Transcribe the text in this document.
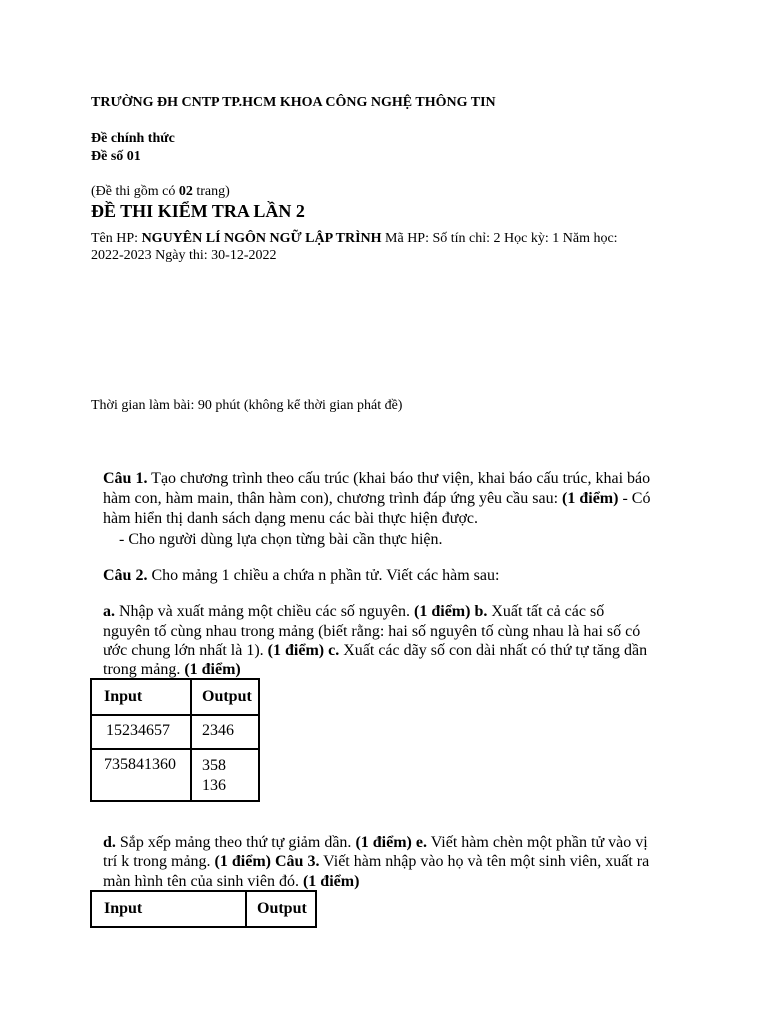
TRƯỜNG ĐH CNTP TP.HCM KHOA CÔNG NGHỆ THÔNG TIN

Đề chính thức

Đề số 01

(Đề thi gồm có 02 trang)

ĐỀ THI KIỂM TRA LẦN 2

Tên HP: NGUYÊN LÍ NGÔN NGỮ LẬP TRÌNH Mã HP: Số tín chỉ: 2 Học kỳ: 1 Năm học:

2022-2023 Ngày thi: 30-12-2022

Thời gian làm bài: 90 phút (không kể thời gian phát đề)

Câu 1. Tạo chương trình theo cấu trúc (khai báo thư viện, khai báo cấu trúc, khai báo

hàm con, hàm main, thân hàm con), chương trình đáp ứng yêu cầu sau: (1 điểm) - Có

hàm hiển thị danh sách dạng menu các bài thực hiện được.

- Cho người dùng lựa chọn từng bài cần thực hiện.

Câu 2. Cho mảng 1 chiều a chứa n phần tử. Viết các hàm sau:

a. Nhập và xuất mảng một chiều các số nguyên. (1 điểm) b. Xuất tất cả các số

nguyên tố cùng nhau trong mảng (biết rằng: hai số nguyên tố cùng nhau là hai số có

ước chung lớn nhất là 1). (1 điểm) c. Xuất các dãy số con dài nhất có thứ tự tăng dần

trong mảng. (1 điểm)

Input	Output
15234657	2346
735841360	358
136

d. Sắp xếp mảng theo thứ tự giảm dần. (1 điểm) e. Viết hàm chèn một phần tử vào vị

trí k trong mảng. (1 điểm) Câu 3. Viết hàm nhập vào họ và tên một sinh viên, xuất ra

màn hình tên của sinh viên đó. (1 điểm)

Input	Output
